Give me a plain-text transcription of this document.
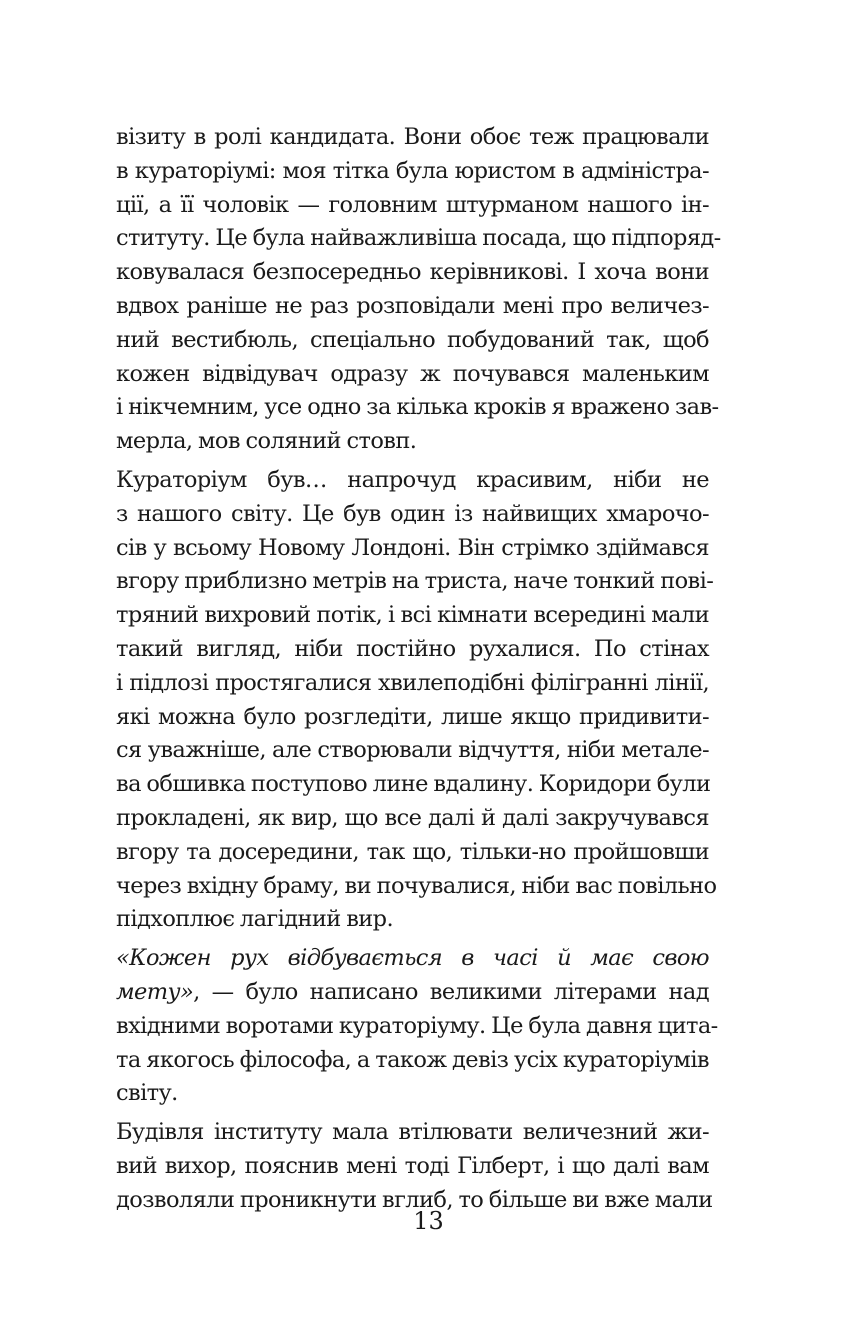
візиту в ролі кандидата. Вони обоє теж працювали
в кураторіумі: моя тітка була юристом в адміністра-
ції, а її чоловік — головним штурманом нашого ін-
ституту. Це була найважливіша посада, що підпоряд-
ковувалася безпосередньо керівникові. І хоча вони
вдвох раніше не раз розповідали мені про величез-
ний вестибюль, спеціально побудований так, щоб
кожен відвідувач одразу ж почувався маленьким
і нікчемним, усе одно за кілька кроків я вражено зав-
мерла, мов соляний стовп.
Кураторіум був… напрочуд красивим, ніби не
з нашого світу. Це був один із найвищих хмарочо-
сів у всьому Новому Лондоні. Він стрімко здіймався
вгору приблизно метрів на триста, наче тонкий пові-
тряний вихровий потік, і всі кімнати всередині мали
такий вигляд, ніби постійно рухалися. По стінах
і підлозі простягалися хвилеподібні філігранні лінії,
які можна було розгледіти, лише якщо придивити-
ся уважніше, але створювали відчуття, ніби метале-
ва обшивка поступово лине вдалину. Коридори були
прокладені, як вир, що все далі й далі закручувався
вгору та досередини, так що, тільки-но пройшовши
через вхідну браму, ви почувалися, ніби вас повільно
підхоплює лагідний вир.
«Кожен рух відбувається в часі й має свою
мету», — було написано великими літерами над
вхідними воротами кураторіуму. Це була давня цита-
та якогось філософа, а також девіз усіх кураторіумів
світу.
Будівля інституту мала втілювати величезний жи-
вий вихор, пояснив мені тоді Гілберт, і що далі вам
дозволяли проникнути вглиб, то більше ви вже мали
13
